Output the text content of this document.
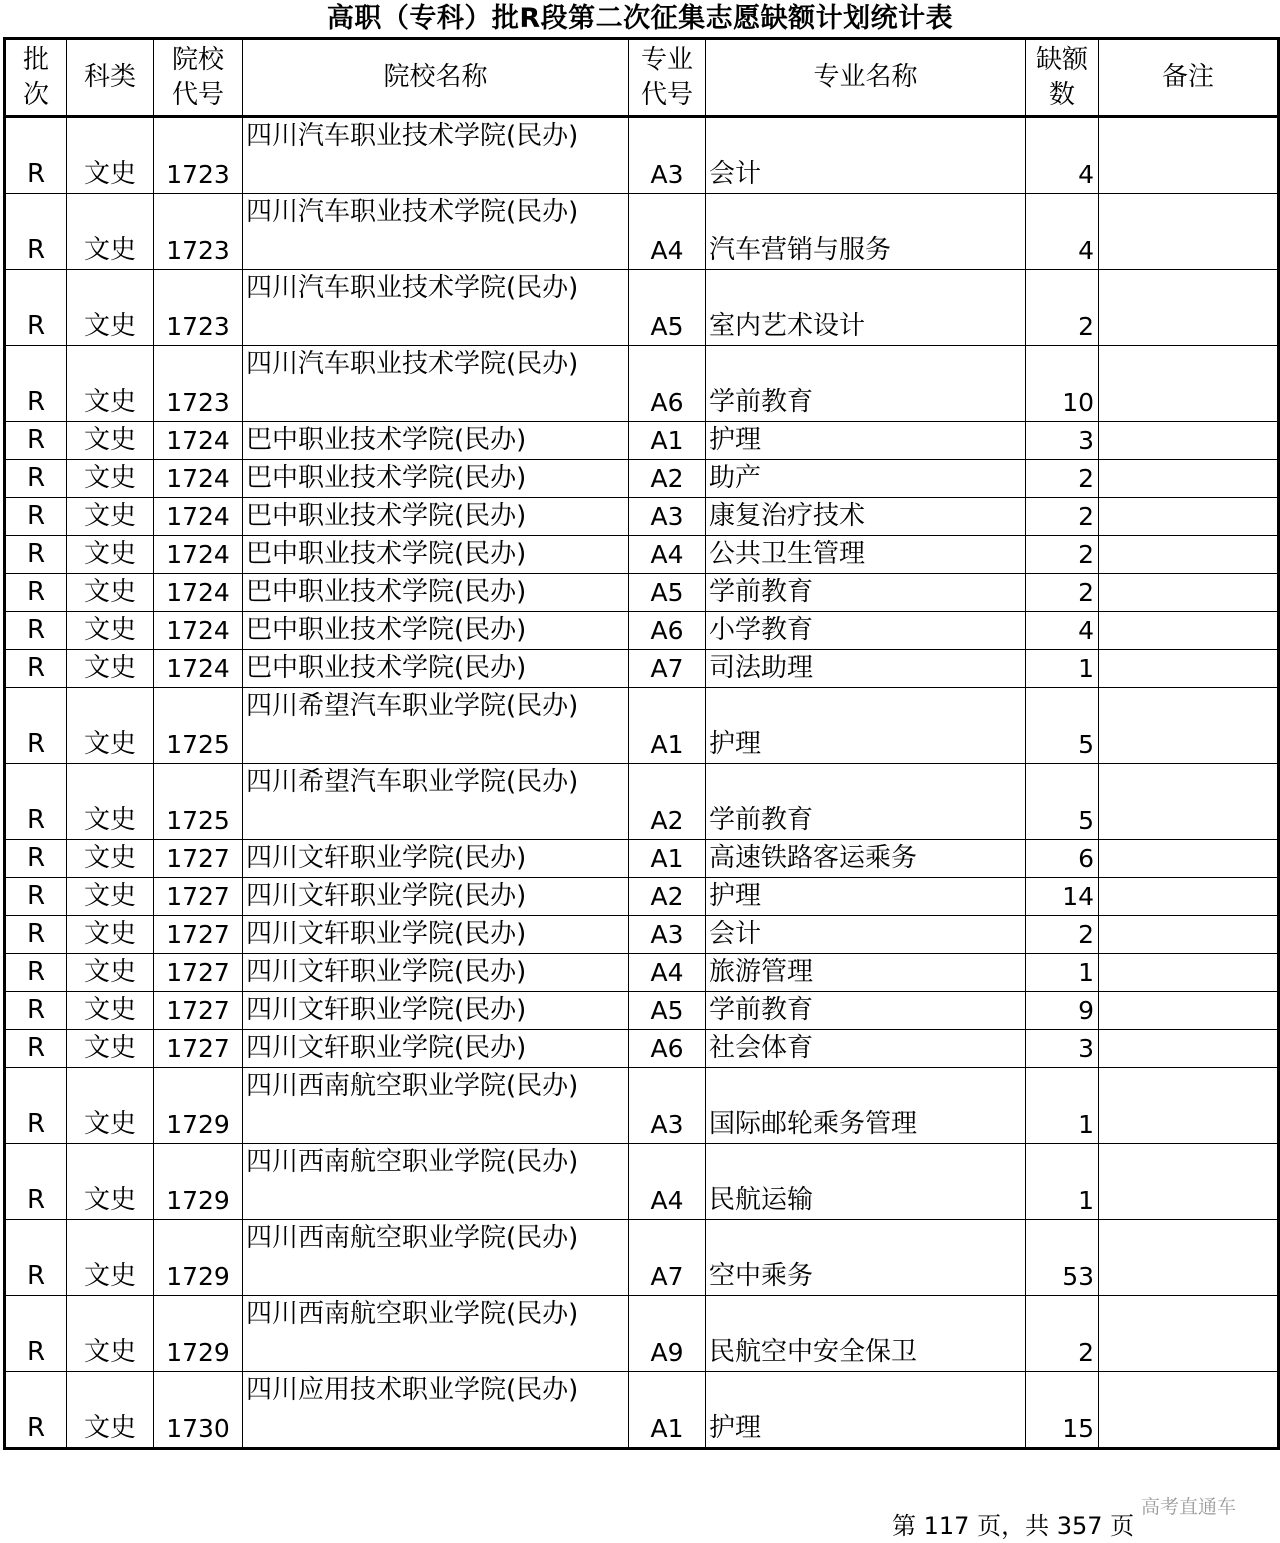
高职（专科）批R段第二次征集志愿缺额计划统计表
批次	科类	院校代号	院校名称	专业代号	专业名称	缺额数	备注
R	文史	1723	四川汽车职业技术学院(民办)	A3	会计	4	
R	文史	1723	四川汽车职业技术学院(民办)	A4	汽车营销与服务	4	
R	文史	1723	四川汽车职业技术学院(民办)	A5	室内艺术设计	2	
R	文史	1723	四川汽车职业技术学院(民办)	A6	学前教育	10	
R	文史	1724	巴中职业技术学院(民办)	A1	护理	3	
R	文史	1724	巴中职业技术学院(民办)	A2	助产	2	
R	文史	1724	巴中职业技术学院(民办)	A3	康复治疗技术	2	
R	文史	1724	巴中职业技术学院(民办)	A4	公共卫生管理	2	
R	文史	1724	巴中职业技术学院(民办)	A5	学前教育	2	
R	文史	1724	巴中职业技术学院(民办)	A6	小学教育	4	
R	文史	1724	巴中职业技术学院(民办)	A7	司法助理	1	
R	文史	1725	四川希望汽车职业学院(民办)	A1	护理	5	
R	文史	1725	四川希望汽车职业学院(民办)	A2	学前教育	5	
R	文史	1727	四川文轩职业学院(民办)	A1	高速铁路客运乘务	6	
R	文史	1727	四川文轩职业学院(民办)	A2	护理	14	
R	文史	1727	四川文轩职业学院(民办)	A3	会计	2	
R	文史	1727	四川文轩职业学院(民办)	A4	旅游管理	1	
R	文史	1727	四川文轩职业学院(民办)	A5	学前教育	9	
R	文史	1727	四川文轩职业学院(民办)	A6	社会体育	3	
R	文史	1729	四川西南航空职业学院(民办)	A3	国际邮轮乘务管理	1	
R	文史	1729	四川西南航空职业学院(民办)	A4	民航运输	1	
R	文史	1729	四川西南航空职业学院(民办)	A7	空中乘务	53	
R	文史	1729	四川西南航空职业学院(民办)	A9	民航空中安全保卫	2	
R	文史	1730	四川应用技术职业学院(民办)	A1	护理	15	
高考直通车
第 117 页，共 357 页
